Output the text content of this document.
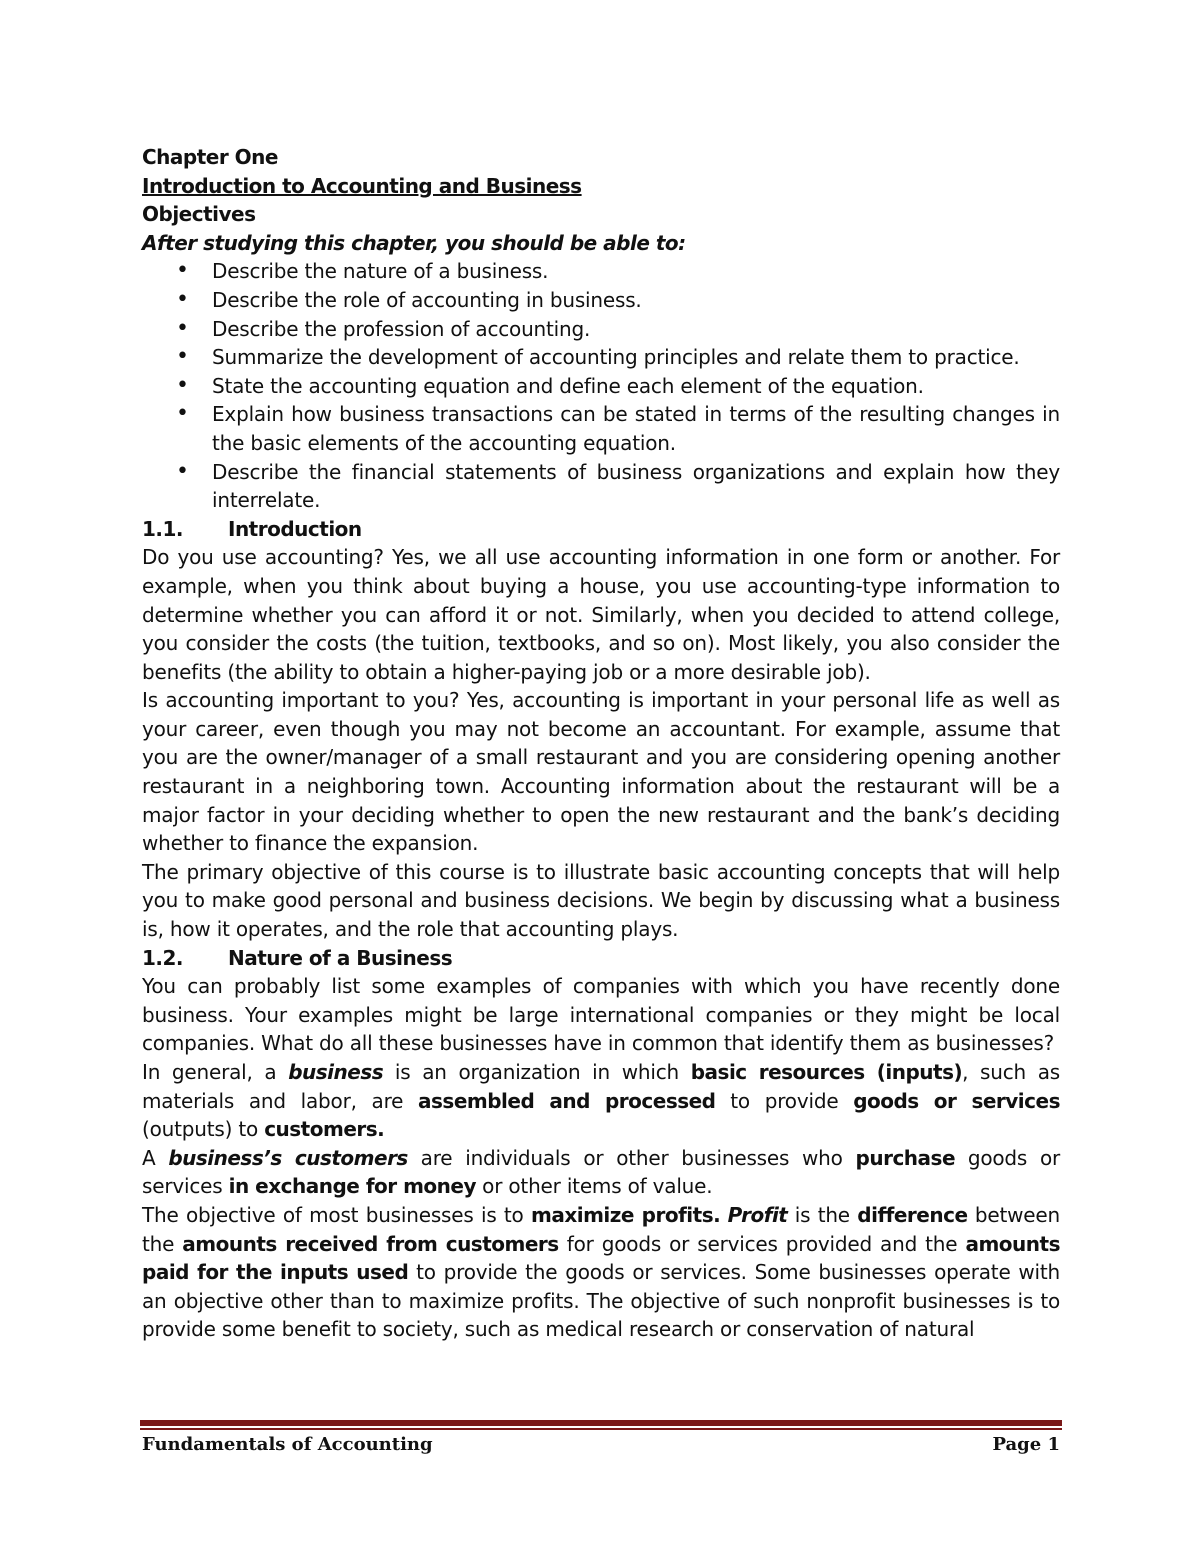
Chapter One

Introduction to Accounting and Business

Objectives

After studying this chapter, you should be able to:

• Describe the nature of a business.
• Describe the role of accounting in business.
• Describe the profession of accounting.
• Summarize the development of accounting principles and relate them to practice.
• State the accounting equation and define each element of the equation.
• Explain how business transactions can be stated in terms of the resulting changes in the basic elements of the accounting equation.
• Describe the financial statements of business organizations and explain how they interrelate.

1.1. Introduction

Do you use accounting? Yes, we all use accounting information in one form or another. For example, when you think about buying a house, you use accounting-type information to determine whether you can afford it or not. Similarly, when you decided to attend college, you consider the costs (the tuition, textbooks, and so on). Most likely, you also consider the benefits (the ability to obtain a higher-paying job or a more desirable job).

Is accounting important to you? Yes, accounting is important in your personal life as well as your career, even though you may not become an accountant. For example, assume that you are the owner/manager of a small restaurant and you are considering opening another restaurant in a neighboring town. Accounting information about the restaurant will be a major factor in your deciding whether to open the new restaurant and the bank’s deciding whether to finance the expansion.

The primary objective of this course is to illustrate basic accounting concepts that will help you to make good personal and business decisions. We begin by discussing what a business is, how it operates, and the role that accounting plays.

1.2. Nature of a Business

You can probably list some examples of companies with which you have recently done business. Your examples might be large international companies or they might be local companies. What do all these businesses have in common that identify them as businesses?

In general, a business is an organization in which basic resources (inputs), such as materials and labor, are assembled and processed to provide goods or services (outputs) to customers.

A business’s customers are individuals or other businesses who purchase goods or services in exchange for money or other items of value.

The objective of most businesses is to maximize profits. Profit is the difference between the amounts received from customers for goods or services provided and the amounts paid for the inputs used to provide the goods or services. Some businesses operate with an objective other than to maximize profits. The objective of such nonprofit businesses is to provide some benefit to society, such as medical research or conservation of natural

Fundamentals of Accounting	Page 1
